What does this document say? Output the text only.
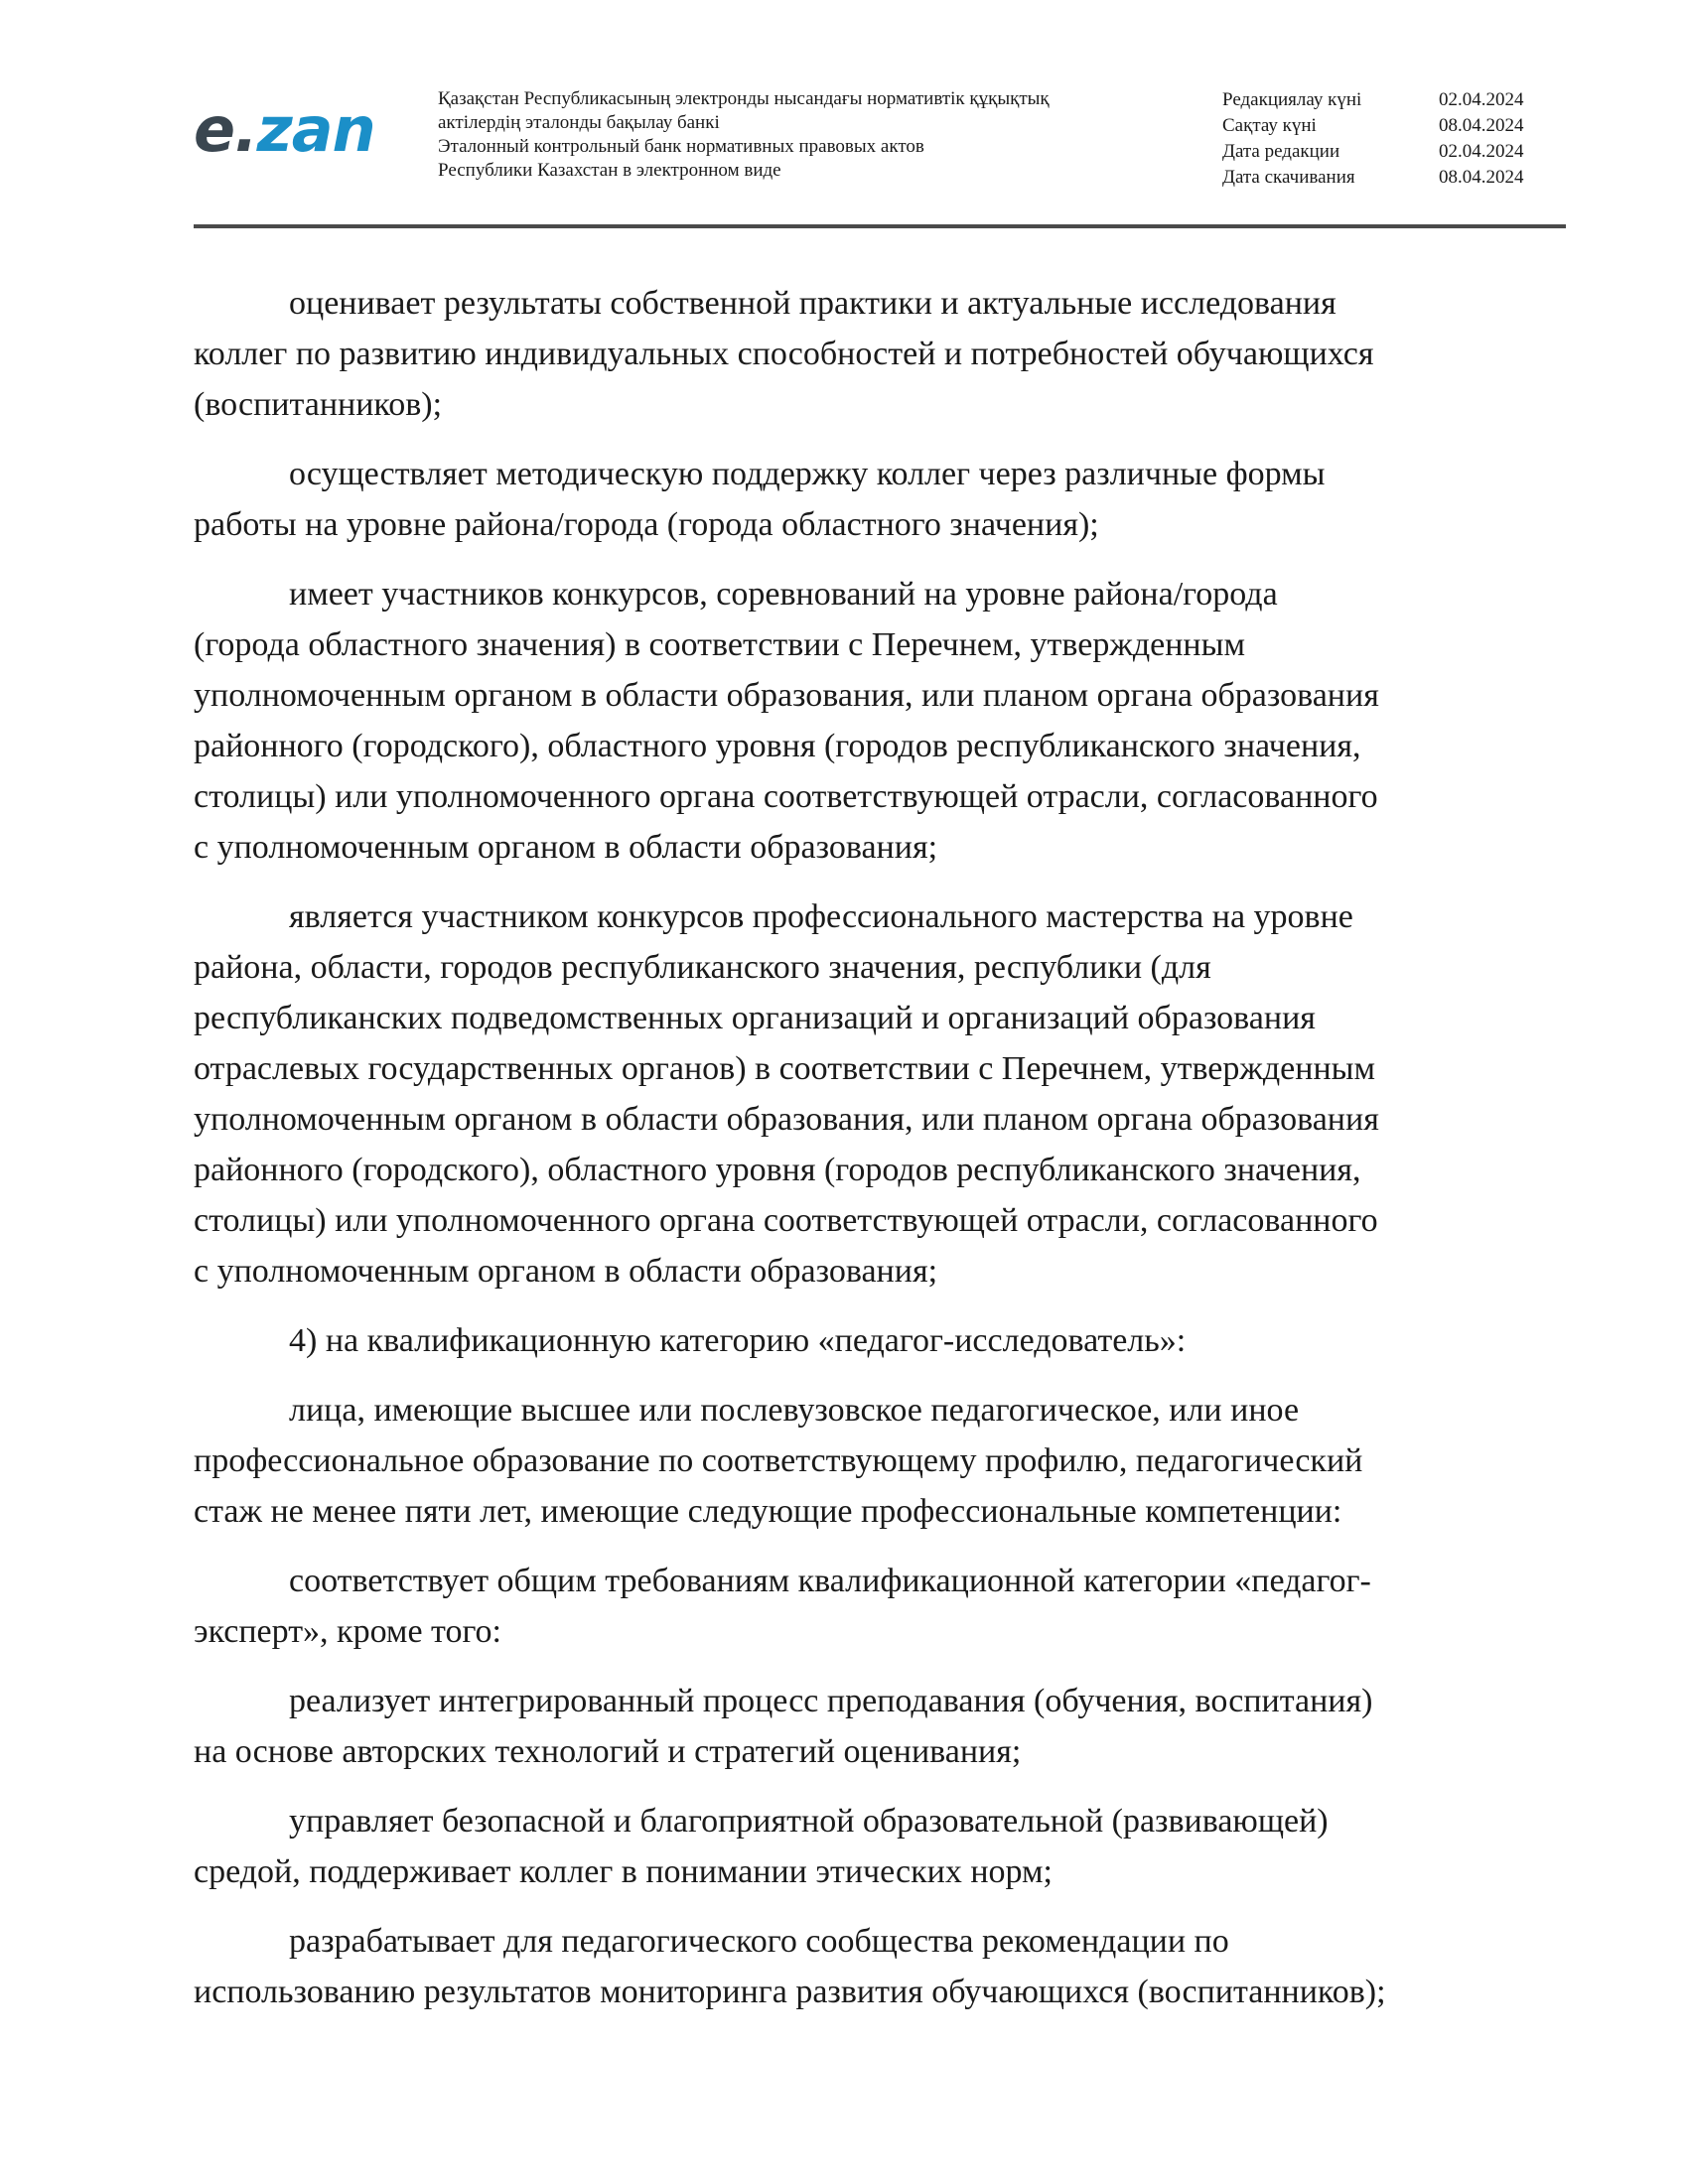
e.zan	Қазақстан Республикасының электронды нысандағы нормативтік құқықтық
актілердің эталонды бақылау банкі
Эталонный контрольный банк нормативных правовых актов
Республики Казахстан в электронном виде
Редакциялау күні	02.04.2024
Сақтау күні	08.04.2024
Дата редакции	02.04.2024
Дата скачивания	08.04.2024
оценивает результаты собственной практики и актуальные исследования
коллег по развитию индивидуальных способностей и потребностей обучающихся
(воспитанников);
осуществляет методическую поддержку коллег через различные формы
работы на уровне района/города (города областного значения);
имеет участников конкурсов, соревнований на уровне района/города
(города областного значения) в соответствии с Перечнем, утвержденным
уполномоченным органом в области образования, или планом органа образования
районного (городского), областного уровня (городов республиканского значения,
столицы) или уполномоченного органа соответствующей отрасли, согласованного
с уполномоченным органом в области образования;
является участником конкурсов профессионального мастерства на уровне
района, области, городов республиканского значения, республики (для
республиканских подведомственных организаций и организаций образования
отраслевых государственных органов) в соответствии с Перечнем, утвержденным
уполномоченным органом в области образования, или планом органа образования
районного (городского), областного уровня (городов республиканского значения,
столицы) или уполномоченного органа соответствующей отрасли, согласованного
с уполномоченным органом в области образования;
4) на квалификационную категорию «педагог-исследователь»:
лица, имеющие высшее или послевузовское педагогическое, или иное
профессиональное образование по соответствующему профилю, педагогический
стаж не менее пяти лет, имеющие следующие профессиональные компетенции:
соответствует общим требованиям квалификационной категории «педагог-
эксперт», кроме того:
реализует интегрированный процесс преподавания (обучения, воспитания)
на основе авторских технологий и стратегий оценивания;
управляет безопасной и благоприятной образовательной (развивающей)
средой, поддерживает коллег в понимании этических норм;
разрабатывает для педагогического сообщества рекомендации по
использованию результатов мониторинга развития обучающихся (воспитанников);
